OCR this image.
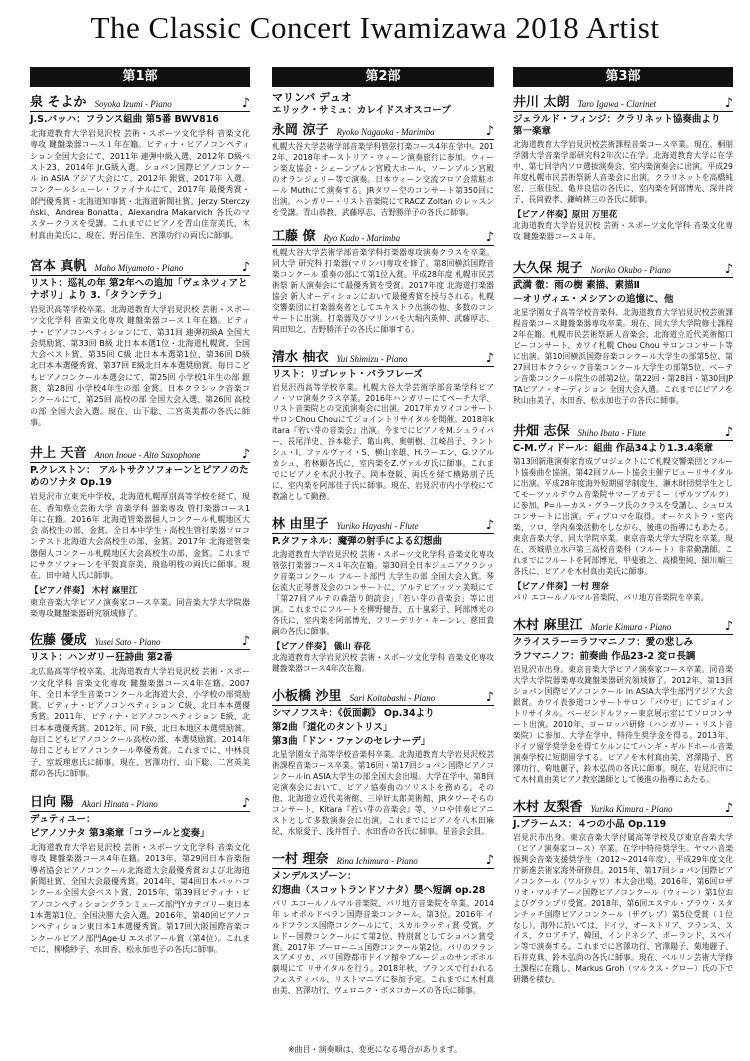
The Classic Concert Iwamizawa 2018 Artist
第1部
泉 そよか Soyoka Izumi - Piano	♪
J.S.バッハ：フランス組曲 第5番 BWV816
北海道教育大学岩見沢校 芸術・スポーツ文化学科 音楽文化専攻 鍵盤楽器コース１年在籍。ピティナ・ピアノコンペティション全国大会にて、2011年 連弾中級入選、2012年 D級ベスト23、2014年 Jr.G級入選。ショパン国際ピアノコンクール in ASIA アジア大会にて、2012年 銀賞、2017年 入選。コンクールシューレ・ファイナルにて、2017年 最優秀賞・部門優秀賞・北海道知事賞・北海道新聞社賞。Jerzy Sterczyński、Andrea Bonatta、Alexandra Makarvich 各氏のマスタークラスを受講。これまでにピアノを青山佳奈美氏、木村真由美氏に、現在、野呂佳生、宮澤功行の両氏に師事。
宮本 真帆 Maho Miyamoto - Piano	♪
リスト：巡礼の年 第2年への追加「ヴェネツィアとナポリ」より 3.「タランテラ」
岩見沢高等学校卒業。北海道教育大学岩見沢校 芸術・スポーツ文化学科 音楽文化専攻 鍵盤楽器コース１年在籍。ピティナ・ピアノコンペティションにて、第31回 連弾初級A 全国大会奨励賞、第33回 B級 北日本本選1位・北海道札幌賞、全国大会ベスト賞、第35回 C級 北日本本選第1位、第36回 D級北日本本選優秀賞、第37回 E級北日本本選奨励賞。毎日こどもピアノコンクール本選会にて、第25回 小学校1年生の部 銀賞、第28回 小学校4年生の部 金賞。日本クラシック音楽コンクールにて、第25回 高校の部 全国大会入選、第26回 高校の部 全国大会入選。現在、山下聡、二宮英美都の各氏に師事。
井上 天音 Anon Inoue - Alto Saxophone	♪
P.クレストン： アルトサクソフォーンとピアノのためのソナタ Op.19
岩見沢市立東光中学校、北海道札幌厚別高等学校を経て、現在、香知県立芸術大学 音楽学科 器楽専攻 管打楽器コース1年に在籍。2016年 北海道管楽器個人コンクール札幌地区大会 高校生の部、金賞。全日本中学生・高校生管打楽器ソロコンテスト北海道大会高校生の部、金賞。2017年 北海道管楽器個人コンクール札幌地区大会高校生の部、金賞。これまでにサクソフォーンを平賀真奈美、飛島明枝の両氏に師事。現在、田中靖人氏に師事。
【ピアノ伴奏】 木村 麻里江
東京音楽大学ピアノ演奏家コース卒業。同音楽大学大学院器楽専攻鍵盤楽器研究領域修了。
佐藤 優成 Yusei Sato - Piano	♪
リスト：ハンガリー狂詩曲 第2番
北広島高等学校卒業。北海道教育大学岩見沢校 芸術・スポーツ文化学科 音楽文化専攻 鍵盤楽器コース4年在籍。2007年、全日本学生音楽コンクール北海道大会、小学校の部奨励賞。ピティナ・ピアノコンペティション C級、北日本本選優秀賞。2011年、ピティナ・ピアノコンペティション E級、北日本本選優秀賞。2012年、同 F級、北日本地区本選奨励賞。毎日こどもピアノコンクール高校の部、本選奨励賞。2014年 毎日こどもピアノコンクール準優秀賞。これまでに、中林良子、室坂理恵氏に師事。現在、宮澤功行、山下聡、二宮英美都の各氏に師事。
日向 陽 Akari Hinata - Piano	♪
デュティユー：
ピアノソナタ 第3楽章「コラールと変奏」
北海道教育大学岩見沢校 芸術・スポーツ文化学科 音楽文化専攻 鍵盤楽器コース4年在籍。2013年、第29回日本音楽指導者協会ピアノコンクール北海道大会最優秀賞および北海道新聞社賞、全国大会最優秀賞。2014年、第4回日本バッハコンクール全国大会ベスト賞、2015年、第39回ピティナ・ピアノコンペティショングランミューズ部門Yカテゴリー東日本1本選第1位、全国決勝大会入選。2016年、第40回ピアノコンペティション東日本1本選優秀賞。第17回大阪国際音楽コンクールピアノ部門Age-U エスポアール賞（第4位）。これまでに、柳橋紗子、水田香、松永加也子の各氏に師事。
第2部
マリンバ デュオ
エリック・サミュ：カレイドスオスコープ
永岡 涼子 Ryoko Nagaoka - Marimba	♪
札幌大谷大学芸術学部音楽学科管弦打楽コース4年在学中。2012年、2018年オーストリア・ウィーン演奏旅行に参加。ウィーン楽友協会・シェーンブルン宮殿大ホール、ソーンブルン宮殿のオランジェリー等で演奏。日本ウィーン交流フロア会常駐ホール Muthにて演奏する。JRタワー空のコンサート第350回に出演。ハンガリー・リスト音楽院にてRACZ Zoltan のレッスンを受講。青山恭教、武藤厚志、吉野勝洋子の各氏に師事。
工藤 僚 Ryo Kudo - Marimba	♪
札幌大谷大学芸術学部音楽学科打楽器専攻演奏クラスを卒業。同大学 研究科 打楽器(マリンバ)専攻を修了。第8回横浜国際音楽コンクール 重奏の部にて第1位入賞。平成28年度 札幌市民芸術祭 新人演奏会にて最優秀賞を受賞。2017年度 北海道打楽器協会 新人オーディションにおいて最優秀賞を授与される。札幌交響楽団に打楽器奏者としてエキストラ出演の他、多数のコンサートに出演。打楽器及びマリンバを大堀内英伸、武藤厚志、岡田知之、吉野勝洋子の各氏に師事する。
清水 柚衣 Yui Shimizu - Piano	♪
リスト：リゴレット・パラフレーズ
岩見沢西高等学校卒業。札幌大谷大学芸術学部音楽学科ピアノ・ソロ演奏クラス卒業。2016年ハンガリーにてペーチ大学、リスト音楽院との交流演奏会に出演。2017年カワイコンサートサロンChou Chouにてジョイントリサイタルを開催。2018年kitara『若い芽の音楽会』出演。今までにピアノをM.シュライバー、長尾洋史、谷本聡子、亀山典、奥朝樹、江崎昌子、ラントシュ・I、ファルヴァイ・S、横山幸雄、H.ラーエン、G.フアルカシュ、若林顕各氏に、室内楽をZ.ヴァルガ氏に師事。これまでにピアノを木沢小牧子、岡本登阪、両氏を経て横路朋子氏に、室内楽を阿部佳子氏に師事。現在、岩見沢市内小学校にて教諭として勤務。
林 由里子 Yuriko Hayashi - Flute	♪
P.タファネル：魔弾の射手による幻想曲
北海道教育大学岩見沢校 芸術・スポーツ文化学科 音楽文化専攻 管弦打楽器コース４年次在籍。第30回全日本ジュニアクラシック音楽コンクール フルート部門 大学生の部 全国大会入賞。琴伝流大正琴普及会のコンサートに、アルテピアッツァ美唄にて「第27回アルテの森語り朗読会」「若い芽の音楽会」等に出演。これまでにフルートを柳野健吾、五十嵐彩子、阿部博光の各氏に、室内楽を阿部博光、フリーデリケ・キーンレ、慈田貴嗣の各氏に師事。
【ピアノ伴奏】 儀山 春花
北海道教育大学岩見沢校 芸術・スポーツ文化学科 音楽文化専攻 鍵盤楽器コース4年次在籍。
小板橋 沙里 Sari Koitabashi - Piano	♪
シマノフスキ：《仮面劇》 Op.34より
第2曲「道化のタントリス」
第3曲「ドン・ファンのセレナーデ」
北星学園女子高等学校音楽科卒業。北海道教育大学岩見沢校芸術課程音楽コース卒業。第16回・第17回ショパン国際ピアノコンクールin ASIA大学生の部全国大会出場。大学在学中、第8回定演奏会において、ピアノ協奏曲のソリストを務める。その他、北海道立近代美術館、三岸好太郎美術館、JRタワーそらのコンサート、Kitara『若い芽の音楽会』等、ソロや伴奏ピアニストとして多数演奏会に出演。これまでにピアノを八木田麻紀、水原愛子、浅井哲子、水田香の各氏に師事。星音会会員。
一村 理奈 Rina Ichimura - Piano	♪
メンデルスゾーン：
幻想曲（スコットランドソナタ）嬰ヘ短調 op.28
パリ エコールノルマル音楽院、パリ地方音楽院を卒業。2014年 レオポルドベラン国際音楽コンクール、第3位。2016年 イルドフランス国際コンクールにて、スカルラッティ賞 受賞。グレドー国際コンクールにて第2位、特別賞としてショパン賞受賞。2017年 ブーローニュ国際コンクール第2位。パリのフランスアメリカ、パリ国際都市ドイツ館やブルージュのサンポホル劇場にて リサイタルを行う。2018年秋、ブランスで行われるフェスティバル、リストマニアに参加予定。これまでに木村真由美、宮澤功行、ヴェロニク・ボヌコカーズの各氏に師事。
第3部
井川 太朗 Taro Igawa - Clarinet	♪
ジェラルド・フィンジ：クラリネット協奏曲より 第一楽章
北海道教育大学岩見沢校芸術課程音楽コース卒業。現在、桐朋学園大学音楽学部研究科2年次に在学。北海道教育大学に在学中、第七回学内ソロ選抜演奏会、室内楽演奏会に出演。平成29年度札幌市民芸術祭新人音楽会に出演。クラリネットを高橋純宏、三瓶佳紀、亀井良信の各氏に、室内楽を阿部博光、深井尚子、長岡毅孝、鎌崎耕三の各氏に師事。
【ピアノ伴奏】原田 万里花
北海道教育大学岩見沢校 芸術・スポーツ文化学科 音楽文化専攻 鍵盤楽器コース４年。
大久保 規子 Noriko Okubo - Piano	♪
武満 徹：雨の樹 素描、素描Ⅱ
－オリヴィエ・メシアンの追憶に、他
北星学園女子高等学校音楽科、北海道教育大学岩見沢校芸術課程音楽コース鍵盤楽器専攻卒業。現在、同大学大学院修士課程2年在籍。札幌市民芸術祭新人音楽会、北海道立近代美術館口ビーコンサート、カワイ札幌 Chou Chou サロンコンサート等に出演。第10回横浜国際音楽コンクール大学生の部第5位、第27回日本クラシック音楽コンクール大学生の部第5位、ベーテン音楽コンクール院生の部第2位。第22回・第28回・第30回JPTAピアノ・オーディション 全国大会入選。これまでにピアノを秋山由美子、水田香、松永加也子の各氏に師事。
井畑 志保 Shiho Ibata - Flute	♪
C-M.ヴィドール：組曲 作品34より1.3.4楽章
第13回新進演奏家育成プロジェクトにて札幌交響楽団とフルート協奏曲を協演。第42回フルート協会主催デビューリサイタルに出演。平成28年度海外短期留学制度生、瀬木財団奨学生としてモーツァルテウム音楽院サマーアカデミー（ザルツブルク）に参加。P=ルーカス・グラーフ氏のクラスを受講し、シュロスコンサートに出演。ディプロマを取得。オーケストラ・室内楽、ソロ、学内奏楽活動をしながら、後進の指導にもあたる。東京音楽大学、同大学院卒業。東京音楽大学大学院を卒業。現在、茨城県立水戸第三高校音楽科（フルート）非常勤講師。これまでにフルートを阿部博光、甲斐雅之、高橋聖純、細川順三各氏に、ピアノを木村真由美氏に師事。
【ピアノ伴奏】一村 理奈
パリ エコールノルマル音楽院、パリ地方音楽院を卒業。
木村 麻里江 Marie Kimura - Piano	♪
クライスラー＝ラフマニノフ：愛の悲しみ
ラフマニノフ：前奏曲 作品23-2 変ロ長調
岩見沢市出身。東京音楽大学ピアノ演奏家コース卒業。同音楽大学大学院器楽専攻鍵盤楽器研究領域修了。2012年、第13回ショパン国際ピアノコンクール in ASIA大学生部門アジア大会銀賞。カワイ表参道コンサートサロン「パウゼ」にてジョイントリサイタル。ベーゼンドルファー東京展示室にてソロコンサート出演。2010年、ヨーロッパ研修（ハンガリー・リスト音楽院）に参加。大学在学中、特待生奨学金を得る。2013年、ドイツ留学奨学金を得てケルンにてハンギ・ギルドホール音楽演奏学校に短期留学する。ピアノを木村真由美、宮澤陽子、宮澤功行、菊地麗子、鈴木弘尚の各氏に師事。現在、岩見沢市にて木村真由美ピアノ教室講師として後進の指導にあたる。
木村 友梨香 Yurika Kimura - Piano	♪
J.ブラームス：４つの小品 Op.119
岩見沢市出身。東京音楽大学付属高等学校及び東京音楽大学（ピアノ演奏家コース）卒業。在学中特待奨学生。ヤマハ音楽振興会音楽支援奨学生（2012～2014年度）、平成29年度文化庁新進芸術家海外研修員。2015年、第17回ショパン国際ピアノコンクール（ワルシャワ）本大会出場。2016年、第6回ロザリオ・マルチアーノ国際ピアノコンクール（ウィーン）第1位およびグランプリ受賞。2018年、第6回エステル・ブラウ・スタンチッチ国際ピアノコンクール（ザグレブ）第5位受賞（１位なし）。海外に於いては、ドイツ、オーストリア、フランス、スイス、クロアチア、韓国、インドネシア、ポーランド、スペイン等で演奏する。これまでに宮澤功行、宮澤陽子、菊地麗子、石井克典、鈴木弘尚の各氏に師事。現在、ベルリン芸術大学修士課程に在籍し、Markus Groh（マルクス・グロー）氏の下で研鑽を積む。
※曲目・演奏順は、変更になる場合があります。
